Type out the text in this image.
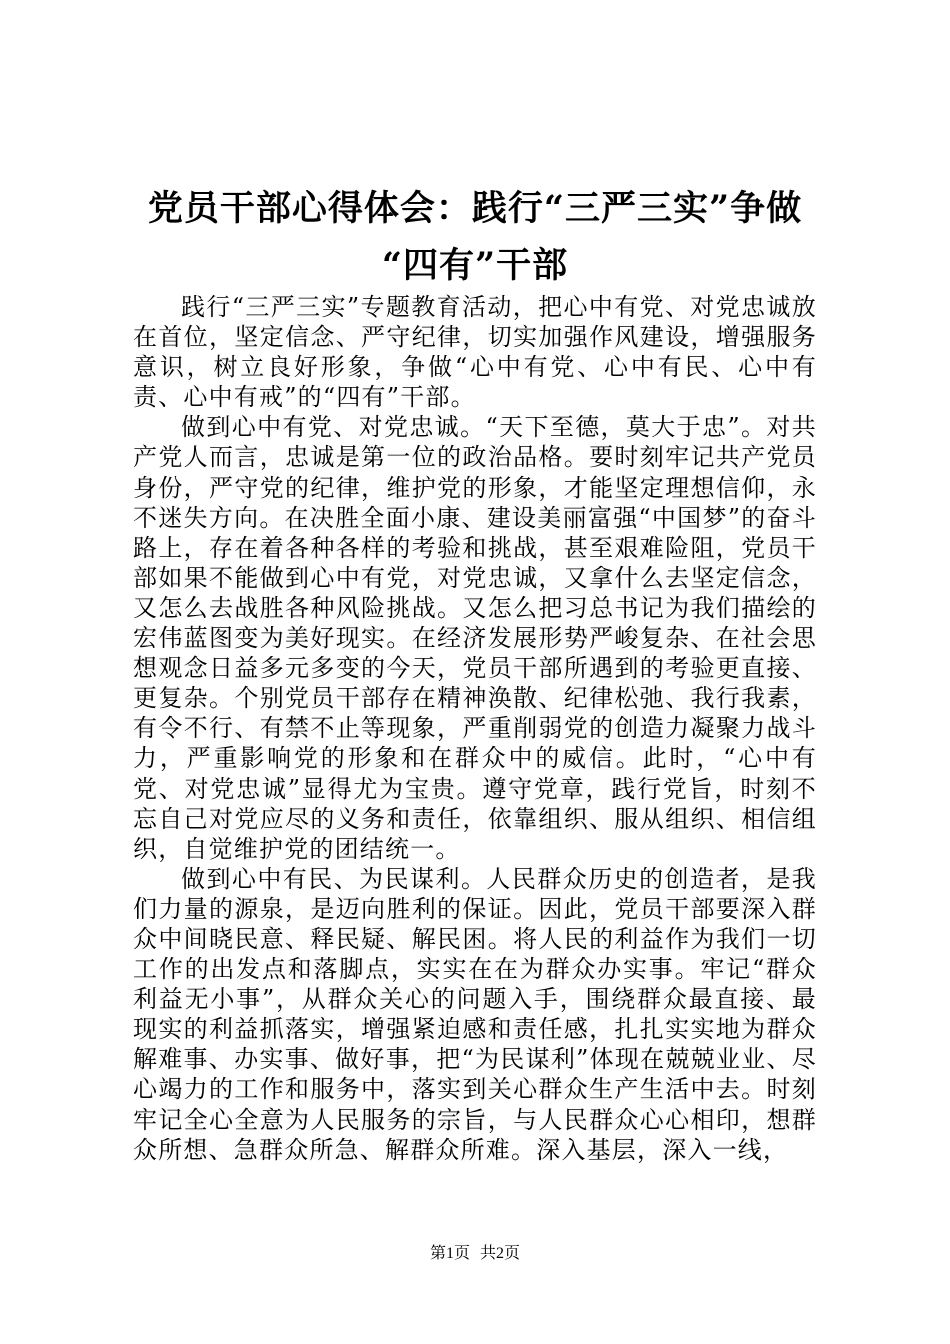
党员干部心得体会：践行“三严三实”争做
“四有”干部

践行“三严三实”专题教育活动，把心中有党、对党忠诚放在首位，坚定信念、严守纪律，切实加强作风建设，增强服务意识，树立良好形象，争做“心中有党、心中有民、心中有责、心中有戒”的“四有”干部。

做到心中有党、对党忠诚。“天下至德，莫大于忠”。对共产党人而言，忠诚是第一位的政治品格。要时刻牢记共产党员身份，严守党的纪律，维护党的形象，才能坚定理想信仰，永不迷失方向。在决胜全面小康、建设美丽富强“中国梦”的奋斗路上，存在着各种各样的考验和挑战，甚至艰难险阻，党员干部如果不能做到心中有党，对党忠诚，又拿什么去坚定信念，又怎么去战胜各种风险挑战。又怎么把习总书记为我们描绘的宏伟蓝图变为美好现实。在经济发展形势严峻复杂、在社会思想观念日益多元多变的今天，党员干部所遇到的考验更直接、更复杂。个别党员干部存在精神涣散、纪律松弛、我行我素，有令不行、有禁不止等现象，严重削弱党的创造力凝聚力战斗力，严重影响党的形象和在群众中的威信。此时，“心中有党、对党忠诚”显得尤为宝贵。遵守党章，践行党旨，时刻不忘自己对党应尽的义务和责任，依靠组织、服从组织、相信组织，自觉维护党的团结统一。

做到心中有民、为民谋利。人民群众历史的创造者，是我们力量的源泉，是迈向胜利的保证。因此，党员干部要深入群众中间晓民意、释民疑、解民困。将人民的利益作为我们一切工作的出发点和落脚点，实实在在为群众办实事。牢记“群众利益无小事”，从群众关心的问题入手，围绕群众最直接、最现实的利益抓落实，增强紧迫感和责任感，扎扎实实地为群众解难事、办实事、做好事，把“为民谋利”体现在兢兢业业、尽心竭力的工作和服务中，落实到关心群众生产生活中去。时刻牢记全心全意为人民服务的宗旨，与人民群众心心相印，想群众所想、急群众所急、解群众所难。深入基层，深入一线，

第1页 共2页
